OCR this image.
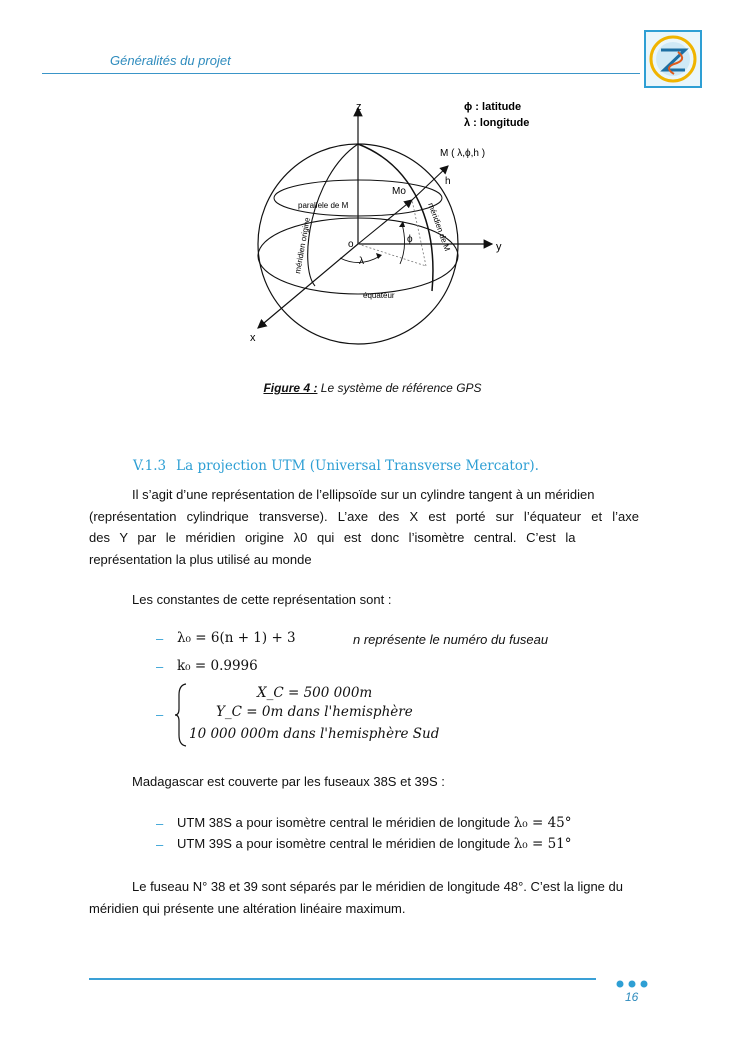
Généralités du projet
z
y
x
o	ϕ
λ
ϕ : latitude
λ : longitude
M ( λ,ϕ,h )
h
Mo
parallele de M
méridien origine	méridien de M
équateur
Figure 4 : Le système de référence GPS
V.1.3 La projection UTM (Universal Transverse Mercator).
Il s’agit d’une représentation de l’ellipsoïde sur un cylindre tangent à un méridien
(représentation cylindrique transverse). L’axe des X est porté sur l’équateur et l’axe
des Y par le méridien origine λ0 qui est donc l’isomètre central. C’est la
représentation la plus utilisé au monde
Les constantes de cette représentation sont :
– λ₀ = 6(n + 1) + 3	n représente le numéro du fuseau
– k₀ = 0.9996
–
X_C = 500 000m
Y_C = 0m dans l'hemisphère
10 000 000m dans l'hemisphère Sud
Madagascar est couverte par les fuseaux 38S et 39S :
– UTM 38S a pour isomètre central le méridien de longitude λ₀ = 45°
– UTM 39S a pour isomètre central le méridien de longitude λ₀ = 51°
Le fuseau N° 38 et 39 sont séparés par le méridien de longitude 48°. C’est la ligne du
méridien qui présente une altération linéaire maximum.
16
